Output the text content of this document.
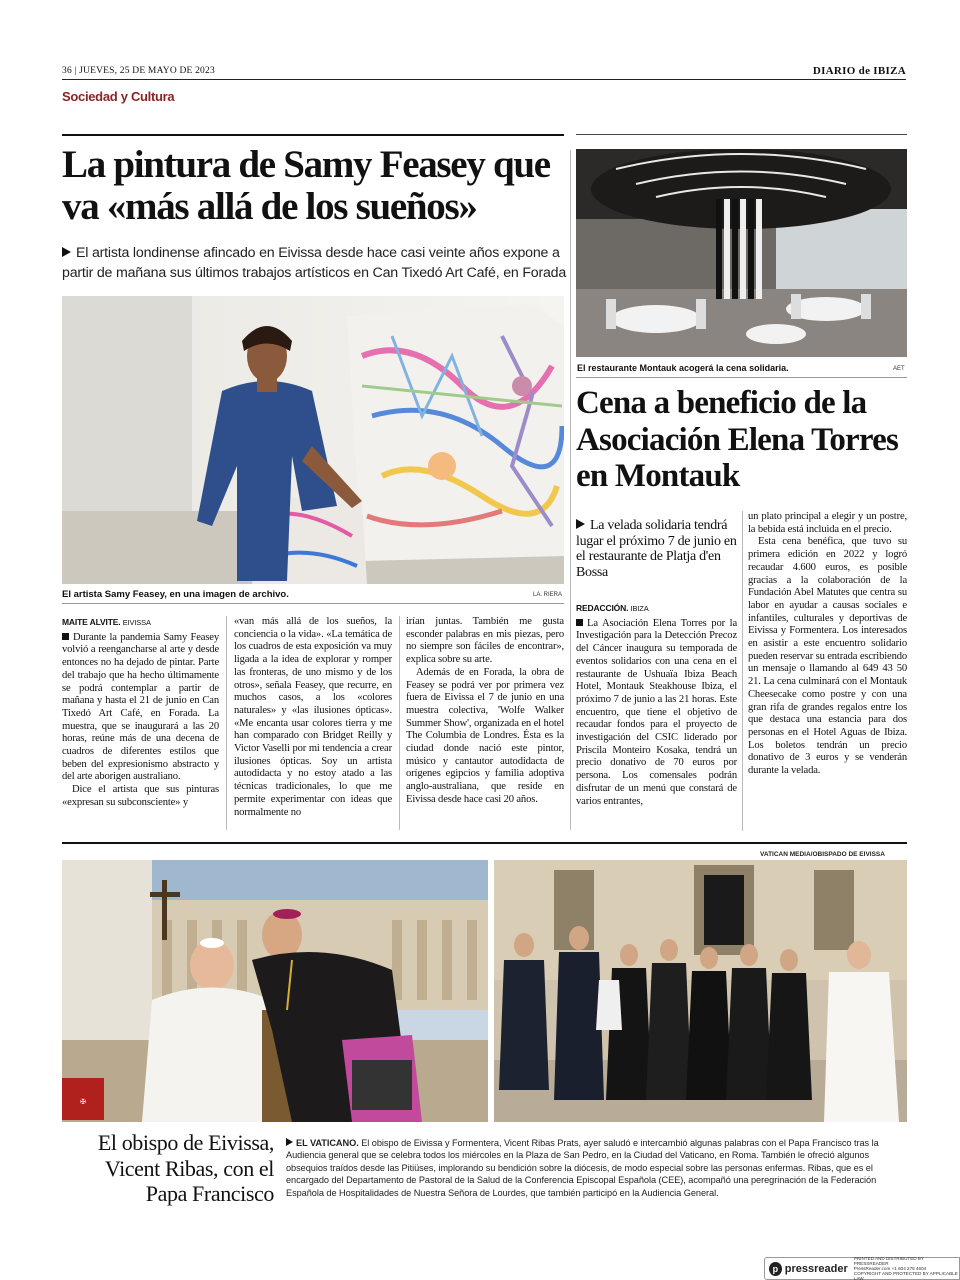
36 | JUEVES, 25 DE MAYO DE 2023	DIARIO de IBIZA
Sociedad y Cultura
La pintura de Samy Feasey que va «más allá de los sueños»
El artista londinense afincado en Eivissa desde hace casi veinte años expone a partir de mañana sus últimos trabajos artísticos en Can Tixedó Art Café, en Forada
El artista Samy Feasey, en una imagen de archivo.	LA. RIERA
MAITE ALVITE. EIVISSA

Durante la pandemia Samy Feasey volvió a reengancharse al arte y desde entonces no ha dejado de pintar. Parte del trabajo que ha hecho últimamente se podrá contemplar a partir de mañana y hasta el 21 de junio en Can Tixedó Art Café, en Forada. La muestra, que se inaugurará a las 20 horas, reúne más de una decena de cuadros de diferentes estilos que beben del expresionismo abstracto y del arte aborigen australiano.

Dice el artista que sus pinturas «expresan su subconsciente» y

«van más allá de los sueños, la conciencia o la vida». «La temática de los cuadros de esta exposición va muy ligada a la idea de explorar y romper las fronteras, de uno mismo y de los otros», señala Feasey, que recurre, en muchos casos, a los «colores naturales» y «las ilusiones ópticas». «Me encanta usar colores tierra y me han comparado con Bridget Reilly y Victor Vaselli por mi tendencia a crear ilusiones ópticas. Soy un artista autodidacta y no estoy atado a las técnicas tradicionales, lo que me permite experimentar con ideas que normalmente no

irían juntas. También me gusta esconder palabras en mis piezas, pero no siempre son fáciles de encontrar», explica sobre su arte.

Además de en Forada, la obra de Feasey se podrá ver por primera vez fuera de Eivissa el 7 de junio en una muestra colectiva, 'Wolfe Walker Summer Show', organizada en el hotel The Columbia de Londres. Ésta es la ciudad donde nació este pintor, músico y cantautor autodidacta de orígenes egipcios y familia adoptiva anglo-australiana, que reside en Eivissa desde hace casi 20 años.

El restaurante Montauk acogerá la cena solidaria.	AET
Cena a beneficio de la Asociación Elena Torres en Montauk
La velada solidaria tendrá lugar el próximo 7 de junio en el restaurante de Platja d'en Bossa
REDACCIÓN. IBIZA

La Asociación Elena Torres por la Investigación para la Detección Precoz del Cáncer inaugura su temporada de eventos solidarios con una cena en el restaurante de Ushuaïa Ibiza Beach Hotel, Montauk Steakhouse Ibiza, el próximo 7 de junio a las 21 horas. Este encuentro, que tiene el objetivo de recaudar fondos para el proyecto de investigación del CSIC liderado por Priscila Monteiro Kosaka, tendrá un precio donativo de 70 euros por persona. Los comensales podrán disfrutar de un menú que constará de varios entrantes,

un plato principal a elegir y un postre, la bebida está incluida en el precio.

Esta cena benéfica, que tuvo su primera edición en 2022 y logró recaudar 4.600 euros, es posible gracias a la colaboración de la Fundación Abel Matutes que centra su labor en ayudar a causas sociales e infantiles, culturales y deportivas de Eivissa y Formentera. Los interesados en asistir a este encuentro solidario pueden reservar su entrada escribiendo un mensaje o llamando al 649 43 50 21. La cena culminará con el Montauk Cheesecake como postre y con una gran rifa de grandes regalos entre los que destaca una estancia para dos personas en el Hotel Aguas de Ibiza. Los boletos tendrán un precio donativo de 3 euros y se venderán durante la velada.

VATICAN MEDIA/OBISPADO DE EIVISSA
✠
El obispo de Eivissa, Vicent Ribas, con el Papa Francisco
EL VATICANO. El obispo de Eivissa y Formentera, Vicent Ribas Prats, ayer saludó e intercambió algunas palabras con el Papa Francisco tras la Audiencia general que se celebra todos los miércoles en la Plaza de San Pedro, en la Ciudad del Vaticano, en Roma. También le ofreció algunos obsequios traídos desde las Pitiüses, implorando su bendición sobre la diócesis, de modo especial sobre las personas enfermas. Ribas, que es el encargado del Departamento de Pastoral de la Salud de la Conferencia Episcopal Española (CEE), acompañó una peregrinación de la Federación Española de Hospitalidades de Nuestra Señora de Lourdes, que también participó en la Audiencia General.
p pressreader
PRINTED AND DISTRIBUTED BY PRESSREADER
PressReader.com +1 604 278 4604
COPYRIGHT AND PROTECTED BY APPLICABLE LAW
